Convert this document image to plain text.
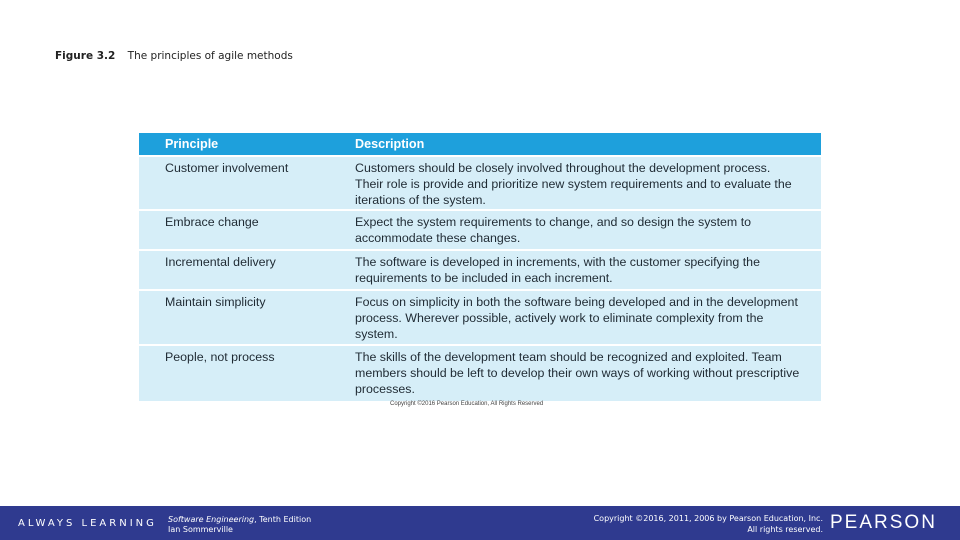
Figure 3.2 The principles of agile methods
Principle	Description
Customer involvement	Customers should be closely involved throughout the development process. Their role is provide and prioritize new system requirements and to evaluate the iterations of the system.
Embrace change	Expect the system requirements to change, and so design the system to accommodate these changes.
Incremental delivery	The software is developed in increments, with the customer specifying the requirements to be included in each increment.
Maintain simplicity	Focus on simplicity in both the software being developed and in the development process. Wherever possible, actively work to eliminate complexity from the system.
People, not process	The skills of the development team should be recognized and exploited. Team members should be left to develop their own ways of working without prescriptive processes.
Copyright ©2016 Pearson Education, All Rights Reserved
ALWAYS LEARNING Software Engineering, Tenth Edition
Ian Sommerville
Copyright ©2016, 2011, 2006 by Pearson Education, Inc.
All rights reserved. PEARSON
